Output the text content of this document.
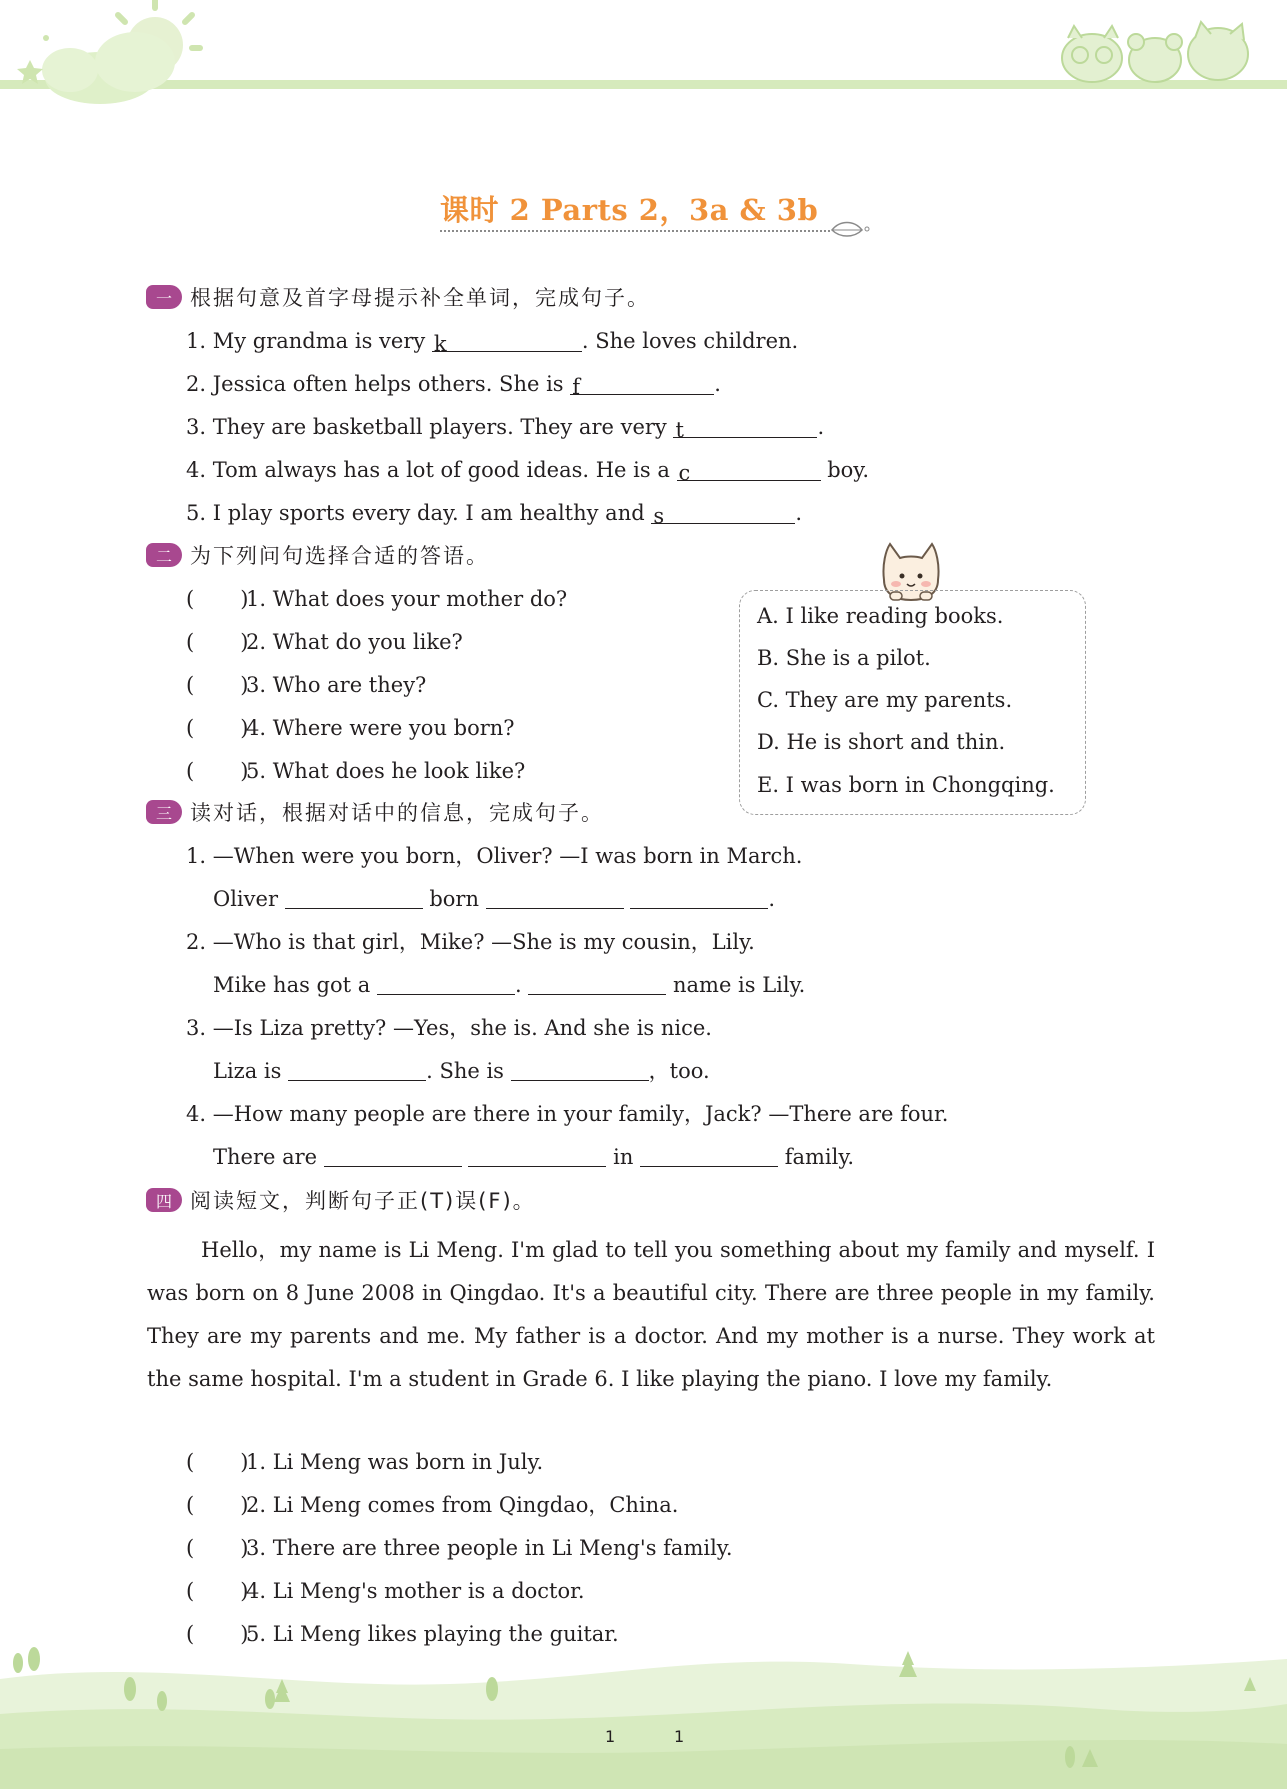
课时 2 Parts 2，3a & 3b
一 根据句意及首字母提示补全单词，完成句子。
1. My grandma is very k	. She loves children.
2. Jessica often helps others. She is f	.
3. They are basketball players. They are very t	.
4. Tom always has a lot of good ideas. He is a c	boy.
5. I play sports every day. I am healthy and s	.
二 为下列问句选择合适的答语。
( )1. What does your mother do?
( )2. What do you like?
( )3. Who are they?
( )4. Where were you born?
( )5. What does he look like?
A. I like reading books.
B. She is a pilot.
C. They are my parents.
D. He is short and thin.
E. I was born in Chongqing.
三 读对话，根据对话中的信息，完成句子。
1. —When were you born，Oliver? —I was born in March.
Oliver	born	.
2. —Who is that girl，Mike? —She is my cousin，Lily.
Mike has got a	.	name is Lily.
3. —Is Liza pretty? —Yes，she is. And she is nice.
Liza is	. She is	，too.
4. —How many people are there in your family，Jack? —There are four.
There are	in	family.
四 阅读短文，判断句子正(T)误(F)。

Hello，my name is Li Meng. I'm glad to tell you something about my family and myself. I was born on 8 June 2008 in Qingdao. It's a beautiful city. There are three people in my family. They are my parents and me. My father is a doctor. And my mother is a nurse. They work at the same hospital. I'm a student in Grade 6. I like playing the piano. I love my family.

( )1. Li Meng was born in July.
( )2. Li Meng comes from Qingdao，China.
( )3. There are three people in Li Meng's family.
( )4. Li Meng's mother is a doctor.
( )5. Li Meng likes playing the guitar.
1	1
